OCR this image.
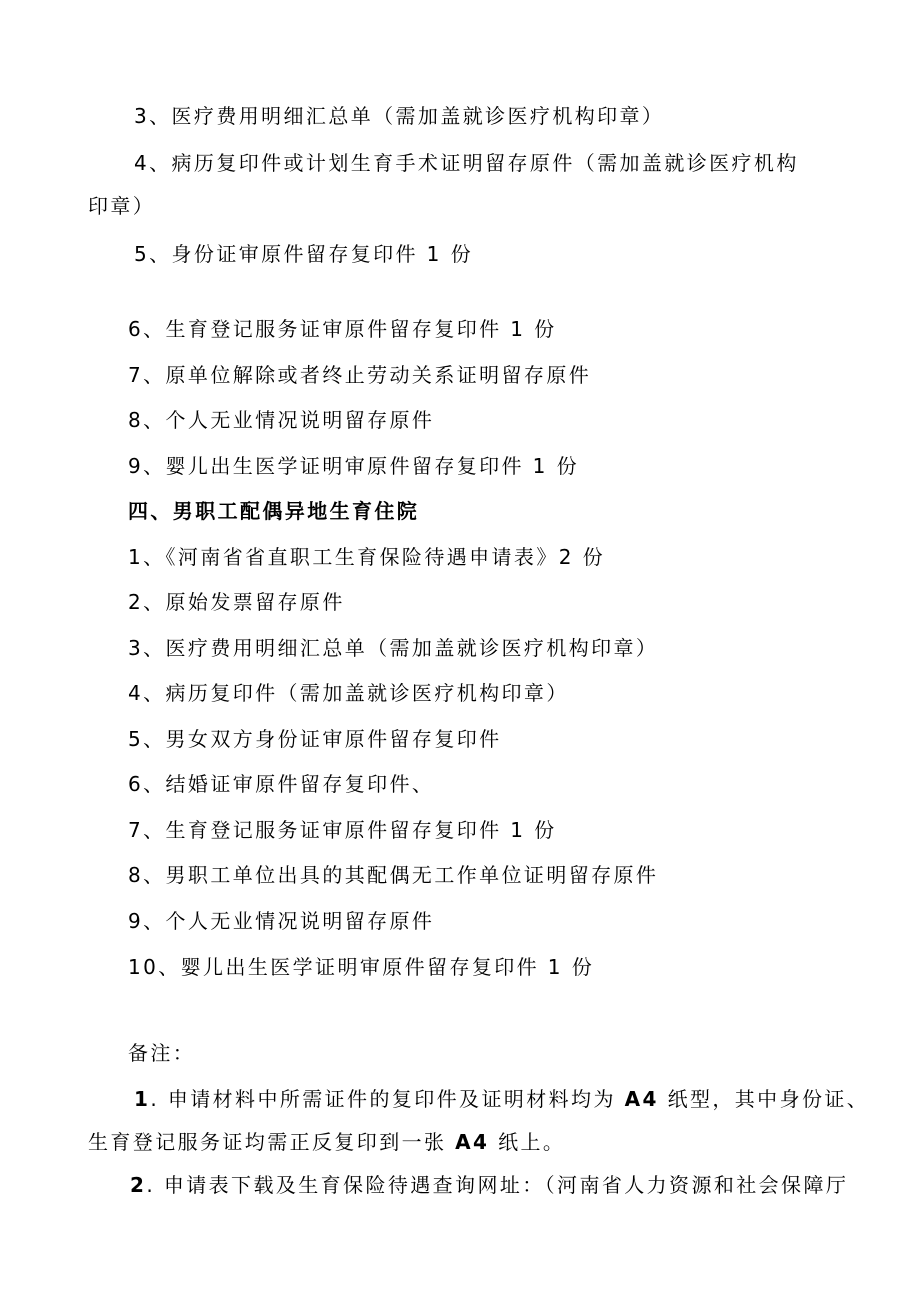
3、医疗费用明细汇总单（需加盖就诊医疗机构印章）
4、病历复印件或计划生育手术证明留存原件（需加盖就诊医疗机构
印章）
5、身份证审原件留存复印件 1 份
6、生育登记服务证审原件留存复印件 1 份
7、原单位解除或者终止劳动关系证明留存原件
8、个人无业情况说明留存原件
9、婴儿出生医学证明审原件留存复印件 1 份
四、男职工配偶异地生育住院
1、《河南省省直职工生育保险待遇申请表》2 份
2、原始发票留存原件
3、医疗费用明细汇总单（需加盖就诊医疗机构印章）
4、病历复印件（需加盖就诊医疗机构印章）
5、男女双方身份证审原件留存复印件
6、结婚证审原件留存复印件、
7、生育登记服务证审原件留存复印件 1 份
8、男职工单位出具的其配偶无工作单位证明留存原件
9、个人无业情况说明留存原件
10、婴儿出生医学证明审原件留存复印件 1 份
备注：
1. 申请材料中所需证件的复印件及证明材料均为 A4 纸型，其中身份证、
生育登记服务证均需正反复印到一张 A4 纸上。
2. 申请表下载及生育保险待遇查询网址：（河南省人力资源和社会保障厅
